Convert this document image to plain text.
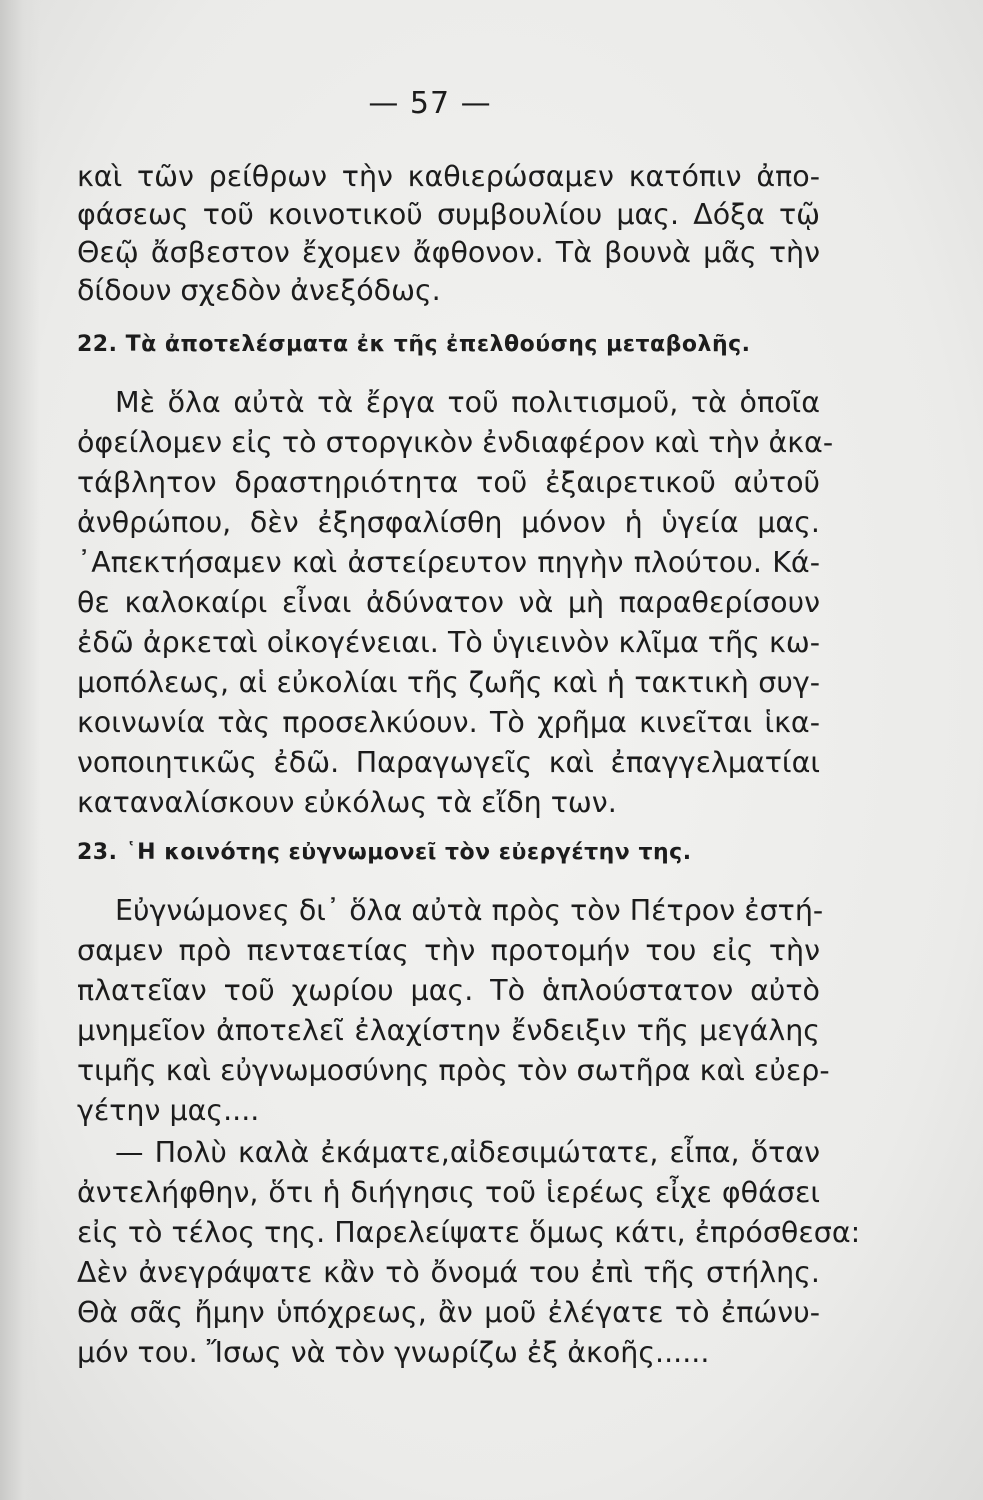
— 57 —
καὶ τῶν ρείθρων τὴν καθιερώσαμεν κατόπιν ἀπο-
φάσεως τοῦ κοινοτικοῦ συμβουλίου μας. Δόξα τῷ
Θεῷ ἄσβεστον ἔχομεν ἄφθονον. Τὰ βουνὰ μᾶς τὴν
δίδουν σχεδὸν ἀνεξόδως.
22. Τὰ ἀποτελέσματα ἐκ τῆς ἐπελθούσης μεταβολῆς.
Μὲ ὅλα αὐτὰ τὰ ἔργα τοῦ πολιτισμοῦ, τὰ ὁποῖα
ὀφείλομεν εἰς τὸ στοργικὸν ἐνδιαφέρον καὶ τὴν ἀκα-
τάβλητον δραστηριότητα τοῦ ἐξαιρετικοῦ αὐτοῦ
ἀνθρώπου, δὲν ἐξησφαλίσθη μόνον ἡ ὑγεία μας.
᾿Απεκτήσαμεν καὶ ἀστείρευτον πηγὴν πλούτου. Κά-
θε καλοκαίρι εἶναι ἀδύνατον νὰ μὴ παραθερίσουν
ἐδῶ ἀρκεταὶ οἰκογένειαι. Τὸ ὑγιεινὸν κλῖμα τῆς κω-
μοπόλεως, αἱ εὐκολίαι τῆς ζωῆς καὶ ἡ τακτικὴ συγ-
κοινωνία τὰς προσελκύουν. Τὸ χρῆμα κινεῖται ἱκα-
νοποιητικῶς ἐδῶ. Παραγωγεῖς καὶ ἐπαγγελματίαι
καταναλίσκουν εὐκόλως τὰ εἴδη των.
23. ῾Η κοινότης εὐγνωμονεῖ τὸν εὐεργέτην της.
Εὐγνώμονες δι᾿ ὅλα αὐτὰ πρὸς τὸν Πέτρον ἐστή-
σαμεν πρὸ πενταετίας τὴν προτομήν του εἰς τὴν
πλατεῖαν τοῦ χωρίου μας. Τὸ ἁπλούστατον αὐτὸ
μνημεῖον ἀποτελεῖ ἐλαχίστην ἔνδειξιν τῆς μεγάλης
τιμῆς καὶ εὐγνωμοσύνης πρὸς τὸν σωτῆρα καὶ εὐερ-
γέτην μας....
— Πολὺ καλὰ ἐκάματε,αἰδεσιμώτατε, εἶπα, ὅταν
ἀντελήφθην, ὅτι ἡ διήγησις τοῦ ἱερέως εἶχε φθάσει
εἰς τὸ τέλος της. Παρελείψατε ὅμως κάτι, ἐπρόσθεσα:
Δὲν ἀνεγράψατε κἂν τὸ ὄνομά του ἐπὶ τῆς στήλης.
Θὰ σᾶς ἤμην ὑπόχρεως, ἂν μοῦ ἐλέγατε τὸ ἐπώνυ-
μόν του. Ἴσως νὰ τὸν γνωρίζω ἐξ ἀκοῆς......
